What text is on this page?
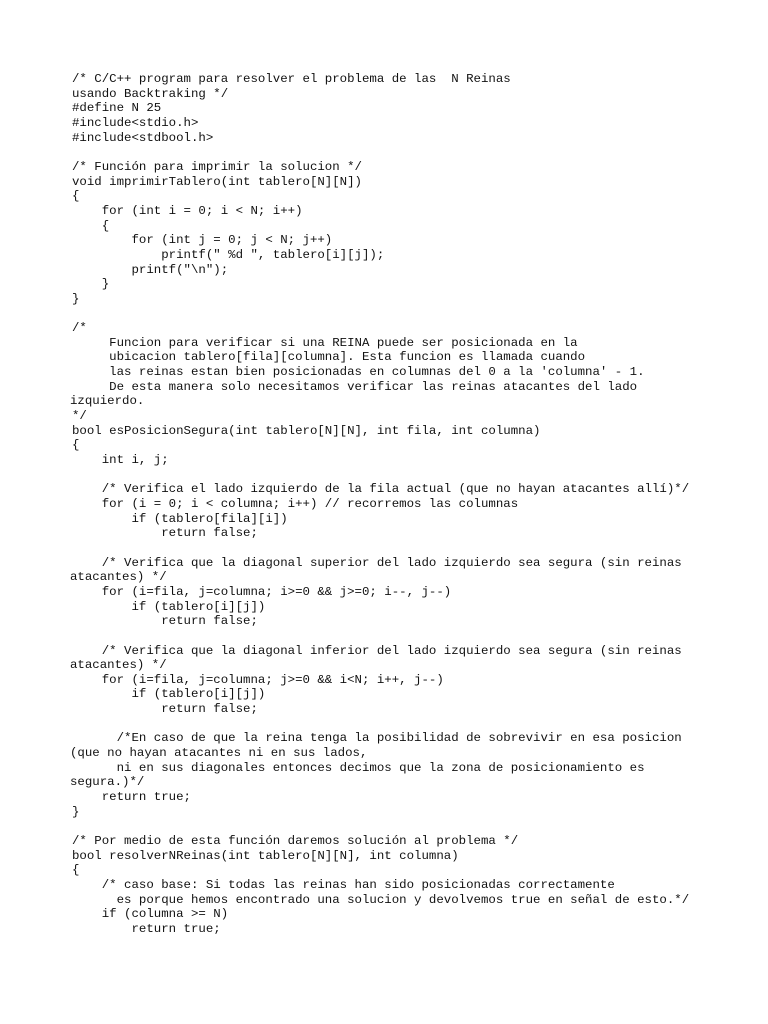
/* C/C++ program para resolver el problema de las  N Reinas
usando Backtraking */
#define N 25
#include<stdio.h>
#include<stdbool.h>
/* Función para imprimir la solucion */
void imprimirTablero(int tablero[N][N])
{
for (int i = 0; i < N; i++)
{
for (int j = 0; j < N; j++)
printf(" %d ", tablero[i][j]);
printf("\n");
}
}
/*
Funcion para verificar si una REINA puede ser posicionada en la
ubicacion tablero[fila][columna]. Esta funcion es llamada cuando
las reinas estan bien posicionadas en columnas del 0 a la 'columna' - 1.
De esta manera solo necesitamos verificar las reinas atacantes del lado
izquierdo.
*/
bool esPosicionSegura(int tablero[N][N], int fila, int columna)
{
int i, j;
/* Verifica el lado izquierdo de la fila actual (que no hayan atacantes allí)*/
for (i = 0; i < columna; i++) // recorremos las columnas
if (tablero[fila][i])
return false;
/* Verifica que la diagonal superior del lado izquierdo sea segura (sin reinas
atacantes) */
for (i=fila, j=columna; i>=0 && j>=0; i--, j--)
if (tablero[i][j])
return false;
/* Verifica que la diagonal inferior del lado izquierdo sea segura (sin reinas
atacantes) */
for (i=fila, j=columna; j>=0 && i<N; i++, j--)
if (tablero[i][j])
return false;
/*En caso de que la reina tenga la posibilidad de sobrevivir en esa posicion
(que no hayan atacantes ni en sus lados,
ni en sus diagonales entonces decimos que la zona de posicionamiento es
segura.)*/
return true;
}
/* Por medio de esta función daremos solución al problema */
bool resolverNReinas(int tablero[N][N], int columna)
{
/* caso base: Si todas las reinas han sido posicionadas correctamente
es porque hemos encontrado una solucion y devolvemos true en señal de esto.*/
if (columna >= N)
return true;
